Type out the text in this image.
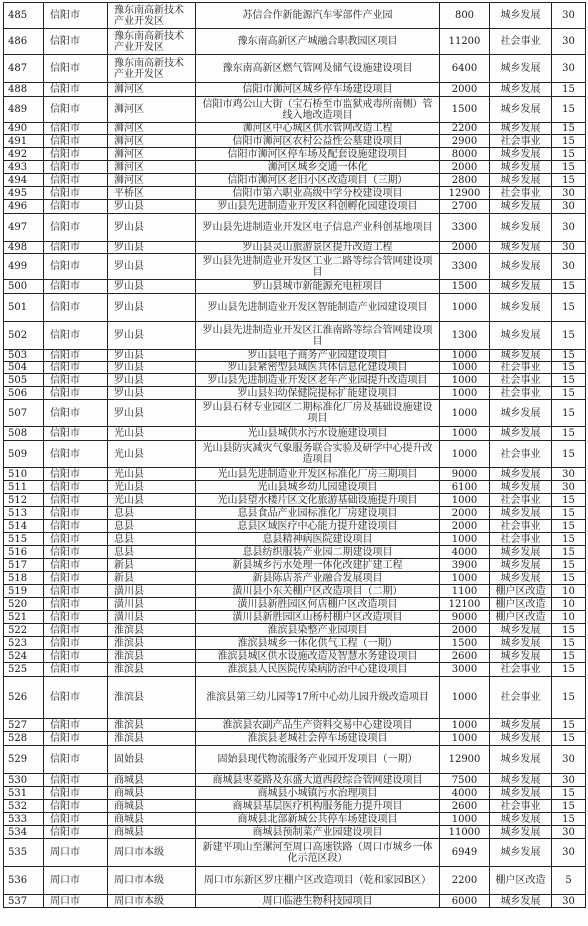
485	信阳市	豫东南高新技术产业开发区	苏信合作新能源汽车零部件产业园	800	城乡发展	30
486	信阳市	豫东南高新技术产业开发区	豫东南高新区产城融合职教园区项目	11200	社会事业	30
487	信阳市	豫东南高新技术产业开发区	豫东南高新区燃气管网及储气设施建设项目	6400	城乡发展	30
488	信阳市	浉河区	信阳市浉河区城乡停车场建设项目	2000	城乡发展	15
489	信阳市	浉河区	信阳市鸡公山大街（宝石桥至市监狱戒毒所南侧）管线入地改造项目	1500	城乡发展	15
490	信阳市	浉河区	浉河区中心城区供水管网改造工程	2200	城乡发展	15
491	信阳市	浉河区	信阳市浉河区农村公益性公墓建设项目	2900	社会事业	15
492	信阳市	浉河区	信阳市浉河区停车场及配套设施建设项目	8000	城乡发展	15
493	信阳市	浉河区	浉河区城乡交通一体化	2000	城乡发展	15
494	信阳市	浉河区	信阳市浉河区老旧小区改造项目（三期）	2800	城乡发展	15
495	信阳市	平桥区	信阳市第六职业高级中学分校建设项目	12900	社会事业	30
496	信阳市	罗山县	罗山县先进制造业开发区科创孵化园建设项目	2700	城乡发展	30
497	信阳市	罗山县	罗山县先进制造业开发区电子信息产业科创基地项目	3300	城乡发展	30
498	信阳市	罗山县	罗山县灵山旅游景区提升改造工程	2000	城乡发展	30
499	信阳市	罗山县	罗山县先进制造业开发区工业二路等综合管网建设项目	3300	城乡发展	30
500	信阳市	罗山县	罗山县城市新能源充电桩项目	1500	城乡发展	15
501	信阳市	罗山县	罗山县先进制造业开发区智能制造产业园建设项目	1000	城乡发展	15
502	信阳市	罗山县	罗山县先进制造业开发区江淮南路等综合管网建设项目	1300	城乡发展	15
503	信阳市	罗山县	罗山县电子商务产业园建设项目	1000	城乡发展	15
504	信阳市	罗山县	罗山县紧密型县域医共体信息化建设项目	1000	社会事业	15
505	信阳市	罗山县	罗山县先进制造业开发区老年产业园提升改造项目	1000	社会事业	15
506	信阳市	罗山县	罗山县妇幼保健院提标扩能建设项目	1000	社会事业	15
507	信阳市	罗山县	罗山县石材专业园区二期标准化厂房及基础设施建设项目	1000	城乡发展	15
508	信阳市	光山县	光山县城供水污水设施建设项目	1000	城乡发展	15
509	信阳市	光山县	光山县防灾减灾气象服务联合实验及研学中心提升改造项目	1000	社会事业	15
510	信阳市	光山县	光山县先进制造业开发区标准化厂房三期项目	9000	城乡发展	30
511	信阳市	光山县	光山县城乡幼儿园建设项目	6100	城乡发展	30
512	信阳市	光山县	光山县望水楼片区文化旅游基础设施提升项目	1000	社会事业	15
513	信阳市	息县	息县食品产业园标准化厂房建设项目	2000	城乡发展	15
514	信阳市	息县	息县区域医疗中心能力提升建设项目	2000	社会事业	15
515	信阳市	息县	息县精神病医院建设项目	1000	社会事业	15
516	信阳市	息县	息县纺织服装产业园二期建设项目	4000	城乡发展	15
517	信阳市	新县	新县城乡污水处理一体化改建扩建工程	3900	城乡发展	15
518	信阳市	新县	新县陈店茶产业融合发展项目	1000	城乡发展	15
519	信阳市	潢川县	潢川县小东关棚户区改造项目（二期）	1100	棚户区改造	10
520	信阳市	潢川县	潢川县新胜园区何店棚户区改造项目	12100	棚户区改造	10
521	信阳市	潢川县	潢川县新胜园区山杨村棚户区改造项目	9000	棚户区改造	10
522	信阳市	淮滨县	淮滨县染整产业园项目	2000	城乡发展	15
523	信阳市	淮滨县	淮滨县城乡一体化供气工程（一期）	1500	城乡发展	15
524	信阳市	淮滨县	淮滨县城区供水设施改造及智慧水务建设项目	2600	城乡发展	15
525	信阳市	淮滨县	淮滨县人民医院传染病防治中心建设项目	3000	社会事业	15
526	信阳市	淮滨县	淮滨县第三幼儿园等17所中心幼儿园升级改造项目	1000	社会事业	15
527	信阳市	淮滨县	淮滨县农副产品生产资料交易中心建设项目	1000	城乡发展	15
528	信阳市	淮滨县	淮滨县老城社会停车场建设项目	1000	城乡发展	15
529	信阳市	固始县	固始县现代物流服务产业园开发项目（一期）	12900	城乡发展	30
530	信阳市	商城县	商城县枣菱路及东盛大道西段综合管网建设项目	7500	城乡发展	30
531	信阳市	商城县	商城县小城镇污水治理项目	4000	城乡发展	15
532	信阳市	商城县	商城县基层医疗机构服务能力提升项目	2600	社会事业	15
533	信阳市	商城县	商城县北部新城公共停车场建设项目	1000	城乡发展	15
534	信阳市	商城县	商城县预制菜产业园建设项目	11000	城乡发展	30
535	周口市	周口市本级	新建平项山至漯河至周口高速铁路（周口市城乡一体化示范区段）	6949	城乡发展	30
536	周口市	周口市本级	周口市东新区罗庄棚户区改造项目（乾和家园B区）	2200	棚户区改造	5
537	周口市	周口市本级	周口临港生物科技园项目	6000	城乡发展	30
